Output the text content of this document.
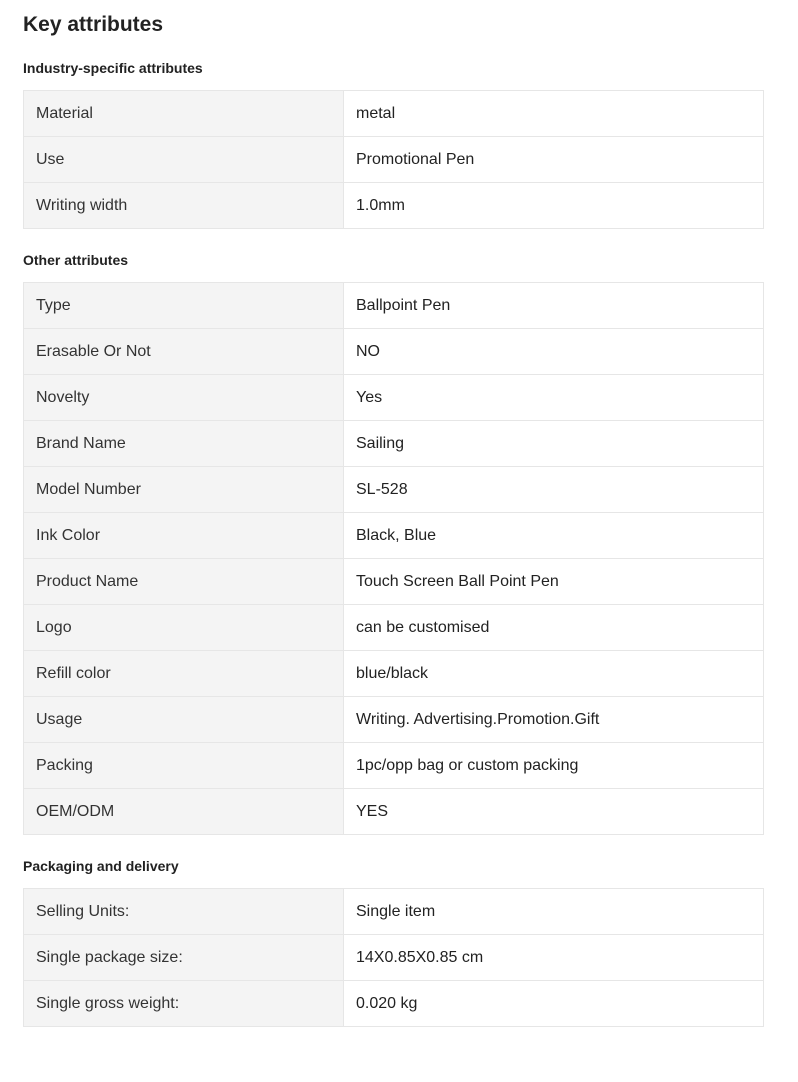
Key attributes
Industry-specific attributes
Material	metal
Use	Promotional Pen
Writing width	1.0mm
Other attributes
Type	Ballpoint Pen
Erasable Or Not	NO
Novelty	Yes
Brand Name	Sailing
Model Number	SL-528
Ink Color	Black, Blue
Product Name	Touch Screen Ball Point Pen
Logo	can be customised
Refill color	blue/black
Usage	Writing. Advertising.Promotion.Gift
Packing	1pc/opp bag or custom packing
OEM/ODM	YES
Packaging and delivery
Selling Units:	Single item
Single package size:	14X0.85X0.85 cm
Single gross weight:	0.020 kg
